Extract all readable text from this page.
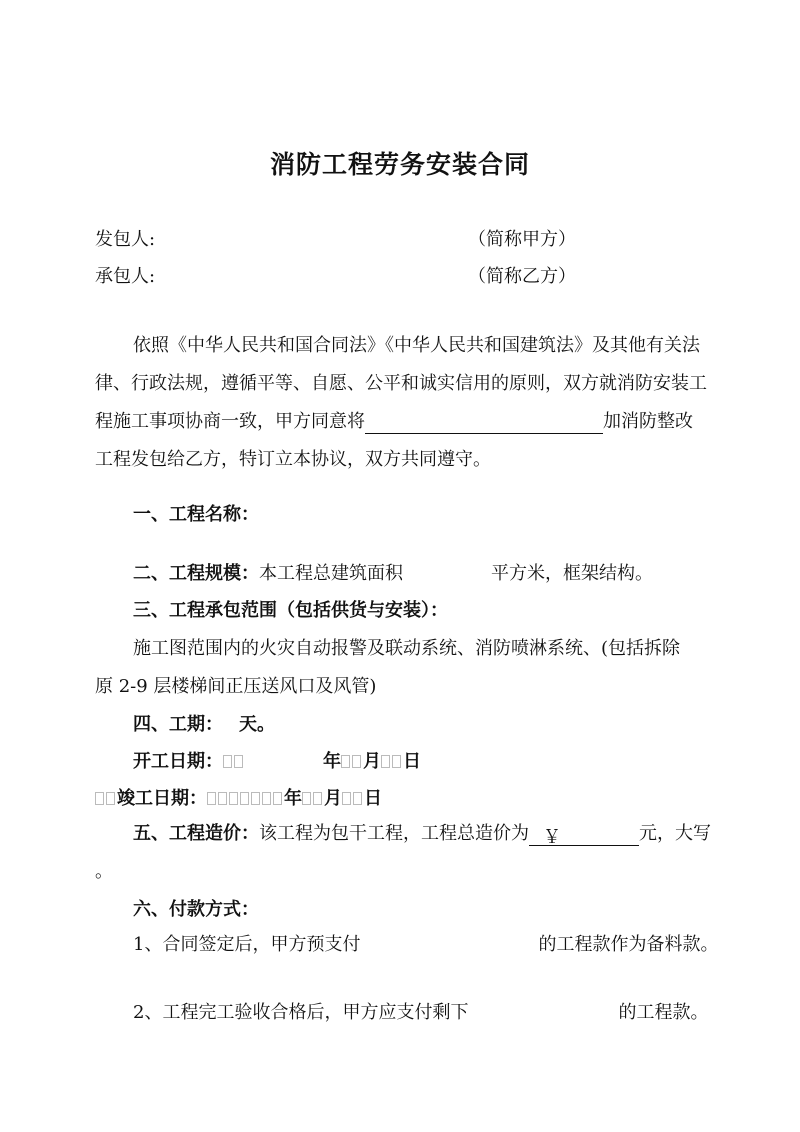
消防工程劳务安装合同
发包人:	（简称甲方）
承包人:	（简称乙方）
依照《中华人民共和国合同法》《中华人民共和国建筑法》及其他有关法
律、行政法规，遵循平等、自愿、公平和诚实信用的原则，双方就消防安装工
程施工事项协商一致，甲方同意将	加消防整改
工程发包给乙方，特订立本协议，双方共同遵守。
一、工程名称：
二、工程规模：本工程总建筑面积	平方米，框架结构。
三、工程承包范围（包括供货与安装）：
施工图范围内的火灾自动报警及联动系统、消防喷淋系统、(包括拆除
原 2-9 层楼梯间正压送风口及风管)
四、工期： 天。
开工日期：	年 月 日
竣工日期：	年 月 日
五、工程造价：该工程为包干工程，工程总造价为 ￥	元，大写
。
六、付款方式：
1、合同签定后，甲方预支付	的工程款作为备料款。
2、工程完工验收合格后，甲方应支付剩下	的工程款。
